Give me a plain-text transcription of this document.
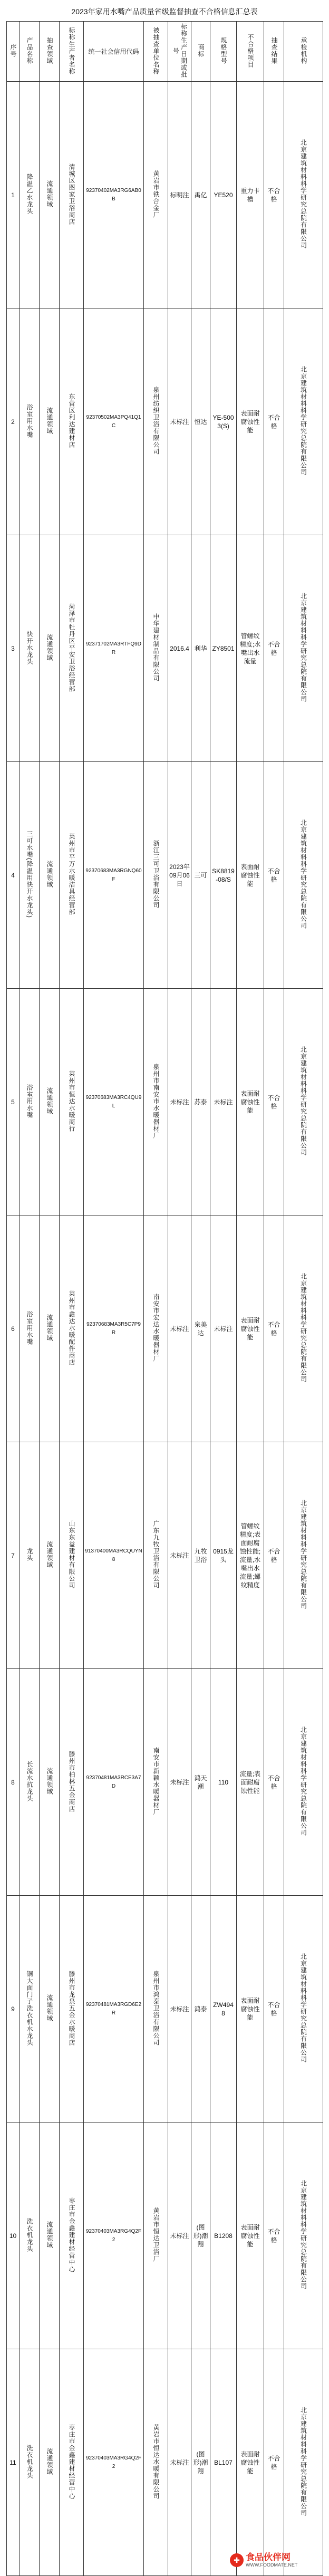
2023年家用水嘴产品质量省级监督抽查不合格信息汇总表
序号	产品名称	抽查领域	标称生产者名称	统一社会信用代码	被抽查单位名称	标称生产日期或批号	商标	规格型号	不合格项目	抽查结果	承检机构

1	降温乙水龙头	流通领域	清城区图家卫浴商店	92370402MA3RG6AB0B	黄岩市铁合金厂	标明注	禹亿	YE520	重力卡槽	不合格	北京建筑材料科学研究总院有限公司

2	浴室用水嘴	流通领域	东营区利达建材店	92370502MA3PQ41Q1C	泉州纺织卫浴有限公司	未标注	恒达	YE-5003(S)	表面耐腐蚀性能	不合格	北京建筑材料科学研究总院有限公司

3	快开水龙头	流通领域	菏泽市牡丹区平安卫浴经营部	92371702MA3RTFQ9DR	中华建材制品有限公司	2016.4	利华	ZY8501	管螺纹精度;水嘴出水流量	不合格	北京建筑材料科学研究总院有限公司

4	三可水嘴(降温用快开水龙头)	流通领域	莱州市平万水暖洁具经营部	92370683MA3RGNQ60F	浙江三可卫浴有限公司	2023年09月06日	三可	SK8819-08/S	表面耐腐蚀性能	不合格	北京建筑材料科学研究总院有限公司

5	浴室用水嘴	流通领域	莱州市恒达水暖商行	92370683MA3RC4QU9L	泉州市南安市水暖器材厂	未标注	苏泰	未标注	表面耐腐蚀性能	不合格	北京建筑材料科学研究总院有限公司

6	浴室用水嘴	流通领域	莱州市鑫达水暖配件商店	92370683MA3R5C7P9R	南安市宏达水暖器材厂	未标注	泉美达	未标注	表面耐腐蚀性能	不合格	北京建筑材料科学研究总院有限公司

7	龙头	流通领域	山东东益建材有限公司	91370400MA3RCQUYN8	广东九牧卫浴有限公司	未标注	九牧卫浴	0915龙头	管螺纹精度;表面耐腐蚀性能;流量,水嘴出水流量;螺纹精度	不合格	北京建筑材料科学研究总院有限公司

8	长流水抗龙头	流通领域	滕州市柏林五金商店	92370481MA3RCE3A7D	南安市新颖水暖器材厂	未标注	鸿天潮	110	流量;表面耐腐蚀性能	不合格	北京建筑材料科学研究总院有限公司

9	铜大面门子洗衣机水龙头	流通领域	滕州市龙泉五金水暖商店	92370481MA3RGD6E2R	泉州市鸿泰卫浴有限公司	未标注	鸿泰	ZW4948	表面耐腐蚀性能	不合格	北京建筑材料科学研究总院有限公司

10	洗衣机龙头	流通领域	枣庄市金鑫建材经营中心	92370403MA3RG4Q2F2	黄岩市恒达卫浴厂	未标注	(图形)潮翔	B1208	表面耐腐蚀性能	不合格	北京建筑材料科学研究总院有限公司

11	洗衣机龙头	流通领域	枣庄市金鑫建材经营中心	92370403MA3RG4Q2F2	黄岩市恒达水暖有限公司	未标注	(图形)潮翔	BL107	表面耐腐蚀性能	不合格	北京建筑材料科学研究总院有限公司
✚ 食品伙伴网
WWW.FOODMATE.NET
